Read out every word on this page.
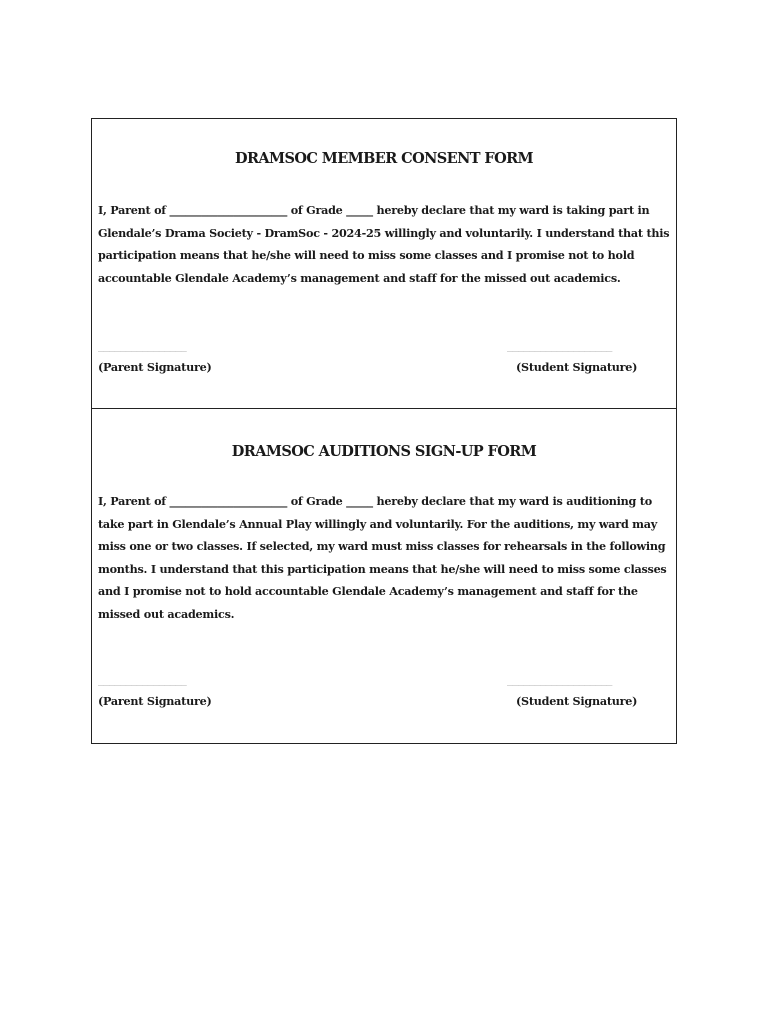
DRAMSOC MEMBER CONSENT FORM

I, Parent of ______________________ of Grade _____ hereby declare that my ward is taking part in Glendale’s Drama Society - DramSoc - 2024-25 willingly and voluntarily. I understand that this participation means that he/she will need to miss some classes and I promise not to hold accountable Glendale Academy’s management and staff for the missed out academics.

________________	___________________
(Parent Signature)	(Student Signature)
DRAMSOC AUDITIONS SIGN-UP FORM

I, Parent of ______________________ of Grade _____ hereby declare that my ward is auditioning to take part in Glendale’s Annual Play willingly and voluntarily. For the auditions, my ward may miss one or two classes. If selected, my ward must miss classes for rehearsals in the following months. I understand that this participation means that he/she will need to miss some classes and I promise not to hold accountable Glendale Academy’s management and staff for the missed out academics.

________________	___________________
(Parent Signature)	(Student Signature)
